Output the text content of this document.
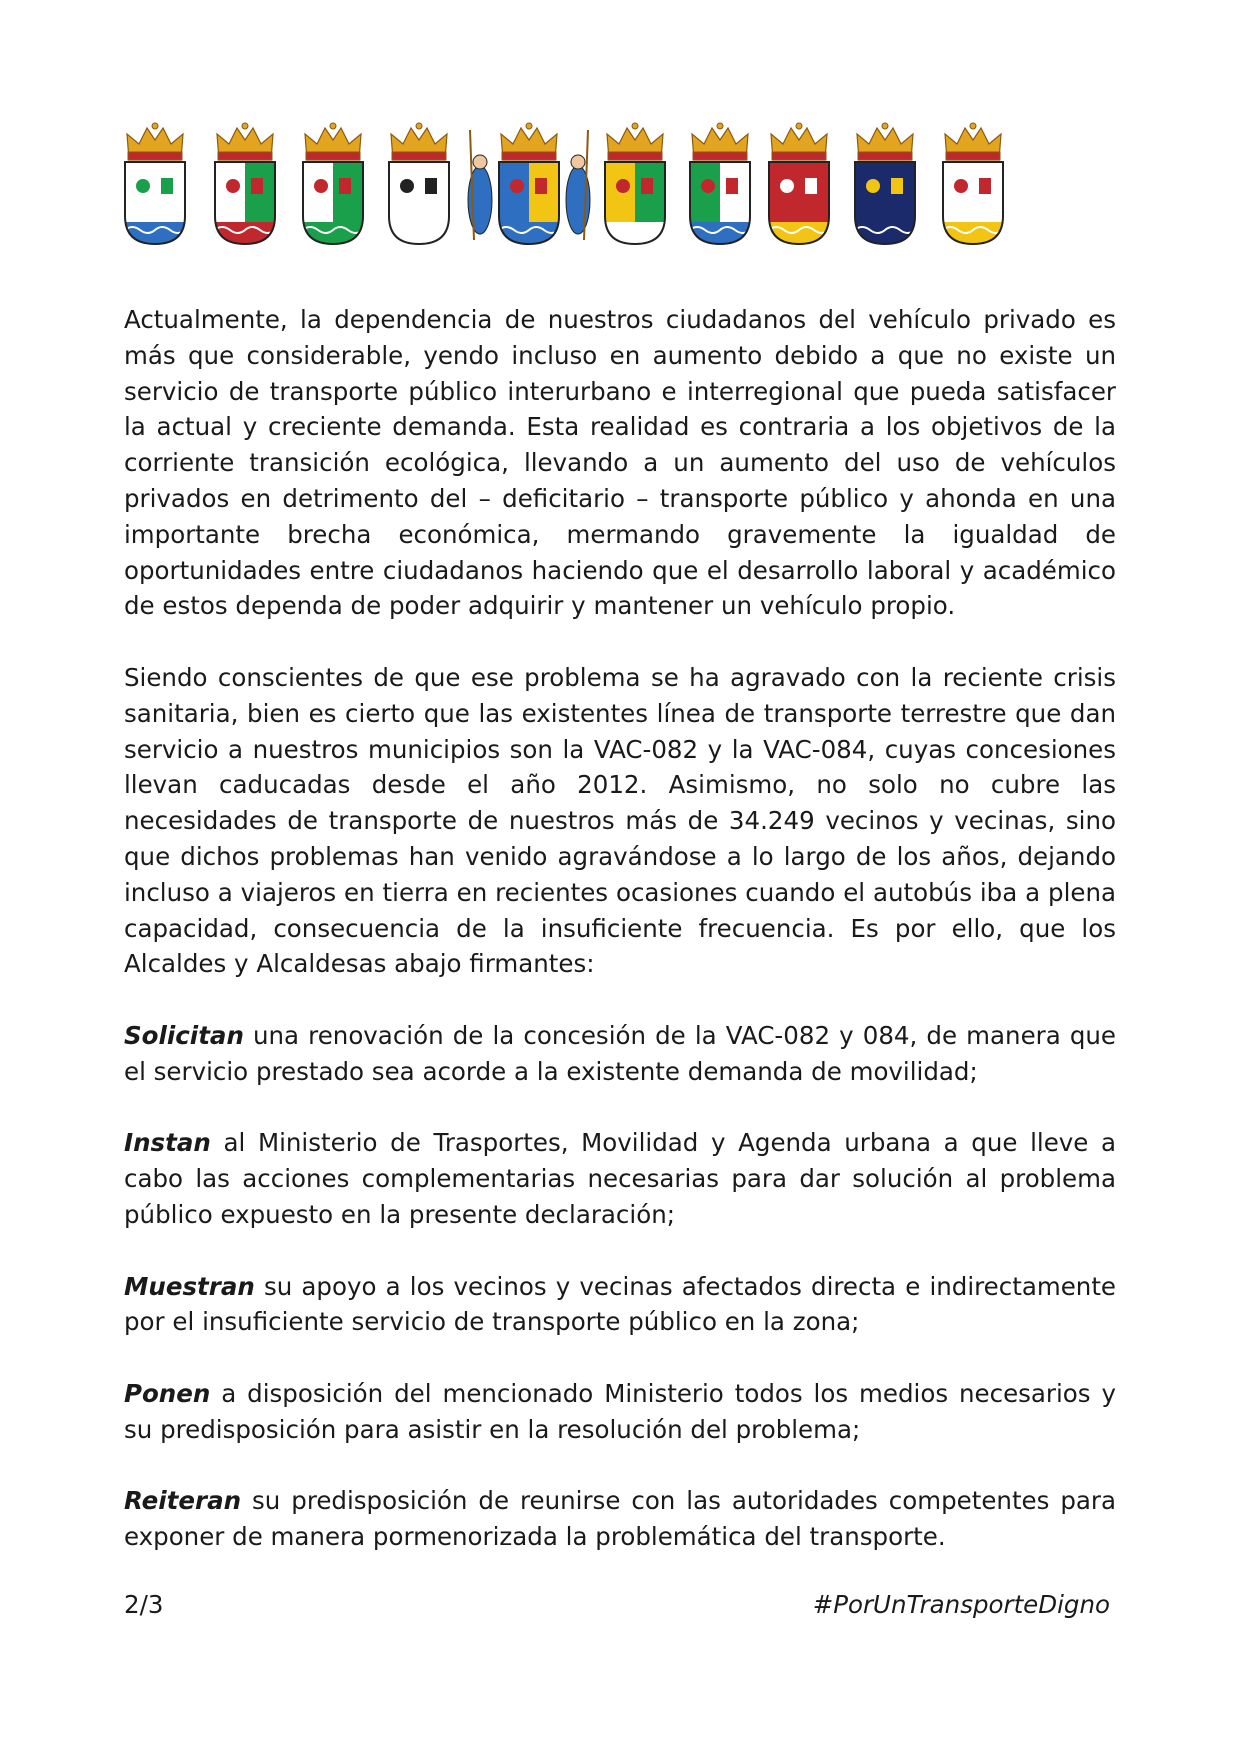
Actualmente, la dependencia de nuestros ciudadanos del vehículo privado es más que considerable, yendo incluso en aumento debido a que no existe un servicio de transporte público interurbano e interregional que pueda satisfacer la actual y creciente demanda. Esta realidad es contraria a los objetivos de la corriente transición ecológica, llevando a un aumento del uso de vehículos privados en detrimento del – deficitario – transporte público y ahonda en una importante brecha económica, mermando gravemente la igualdad de oportunidades entre ciudadanos haciendo que el desarrollo laboral y académico de estos dependa de poder adquirir y mantener un vehículo propio.

Siendo conscientes de que ese problema se ha agravado con la reciente crisis sanitaria, bien es cierto que las existentes línea de transporte terrestre que dan servicio a nuestros municipios son la VAC-082 y la VAC-084, cuyas concesiones llevan caducadas desde el año 2012. Asimismo, no solo no cubre las necesidades de transporte de nuestros más de 34.249 vecinos y vecinas, sino que dichos problemas han venido agravándose a lo largo de los años, dejando incluso a viajeros en tierra en recientes ocasiones cuando el autobús iba a plena capacidad, consecuencia de la insuficiente frecuencia. Es por ello, que los Alcaldes y Alcaldesas abajo firmantes:

Solicitan una renovación de la concesión de la VAC-082 y 084, de manera que el servicio prestado sea acorde a la existente demanda de movilidad;

Instan al Ministerio de Trasportes, Movilidad y Agenda urbana a que lleve a cabo las acciones complementarias necesarias para dar solución al problema público expuesto en la presente declaración;

Muestran su apoyo a los vecinos y vecinas afectados directa e indirectamente por el insuficiente servicio de transporte público en la zona;

Ponen a disposición del mencionado Ministerio todos los medios necesarios y su predisposición para asistir en la resolución del problema;

Reiteran su predisposición de reunirse con las autoridades competentes para exponer de manera pormenorizada la problemática del transporte.

2/3	#PorUnTransporteDigno
